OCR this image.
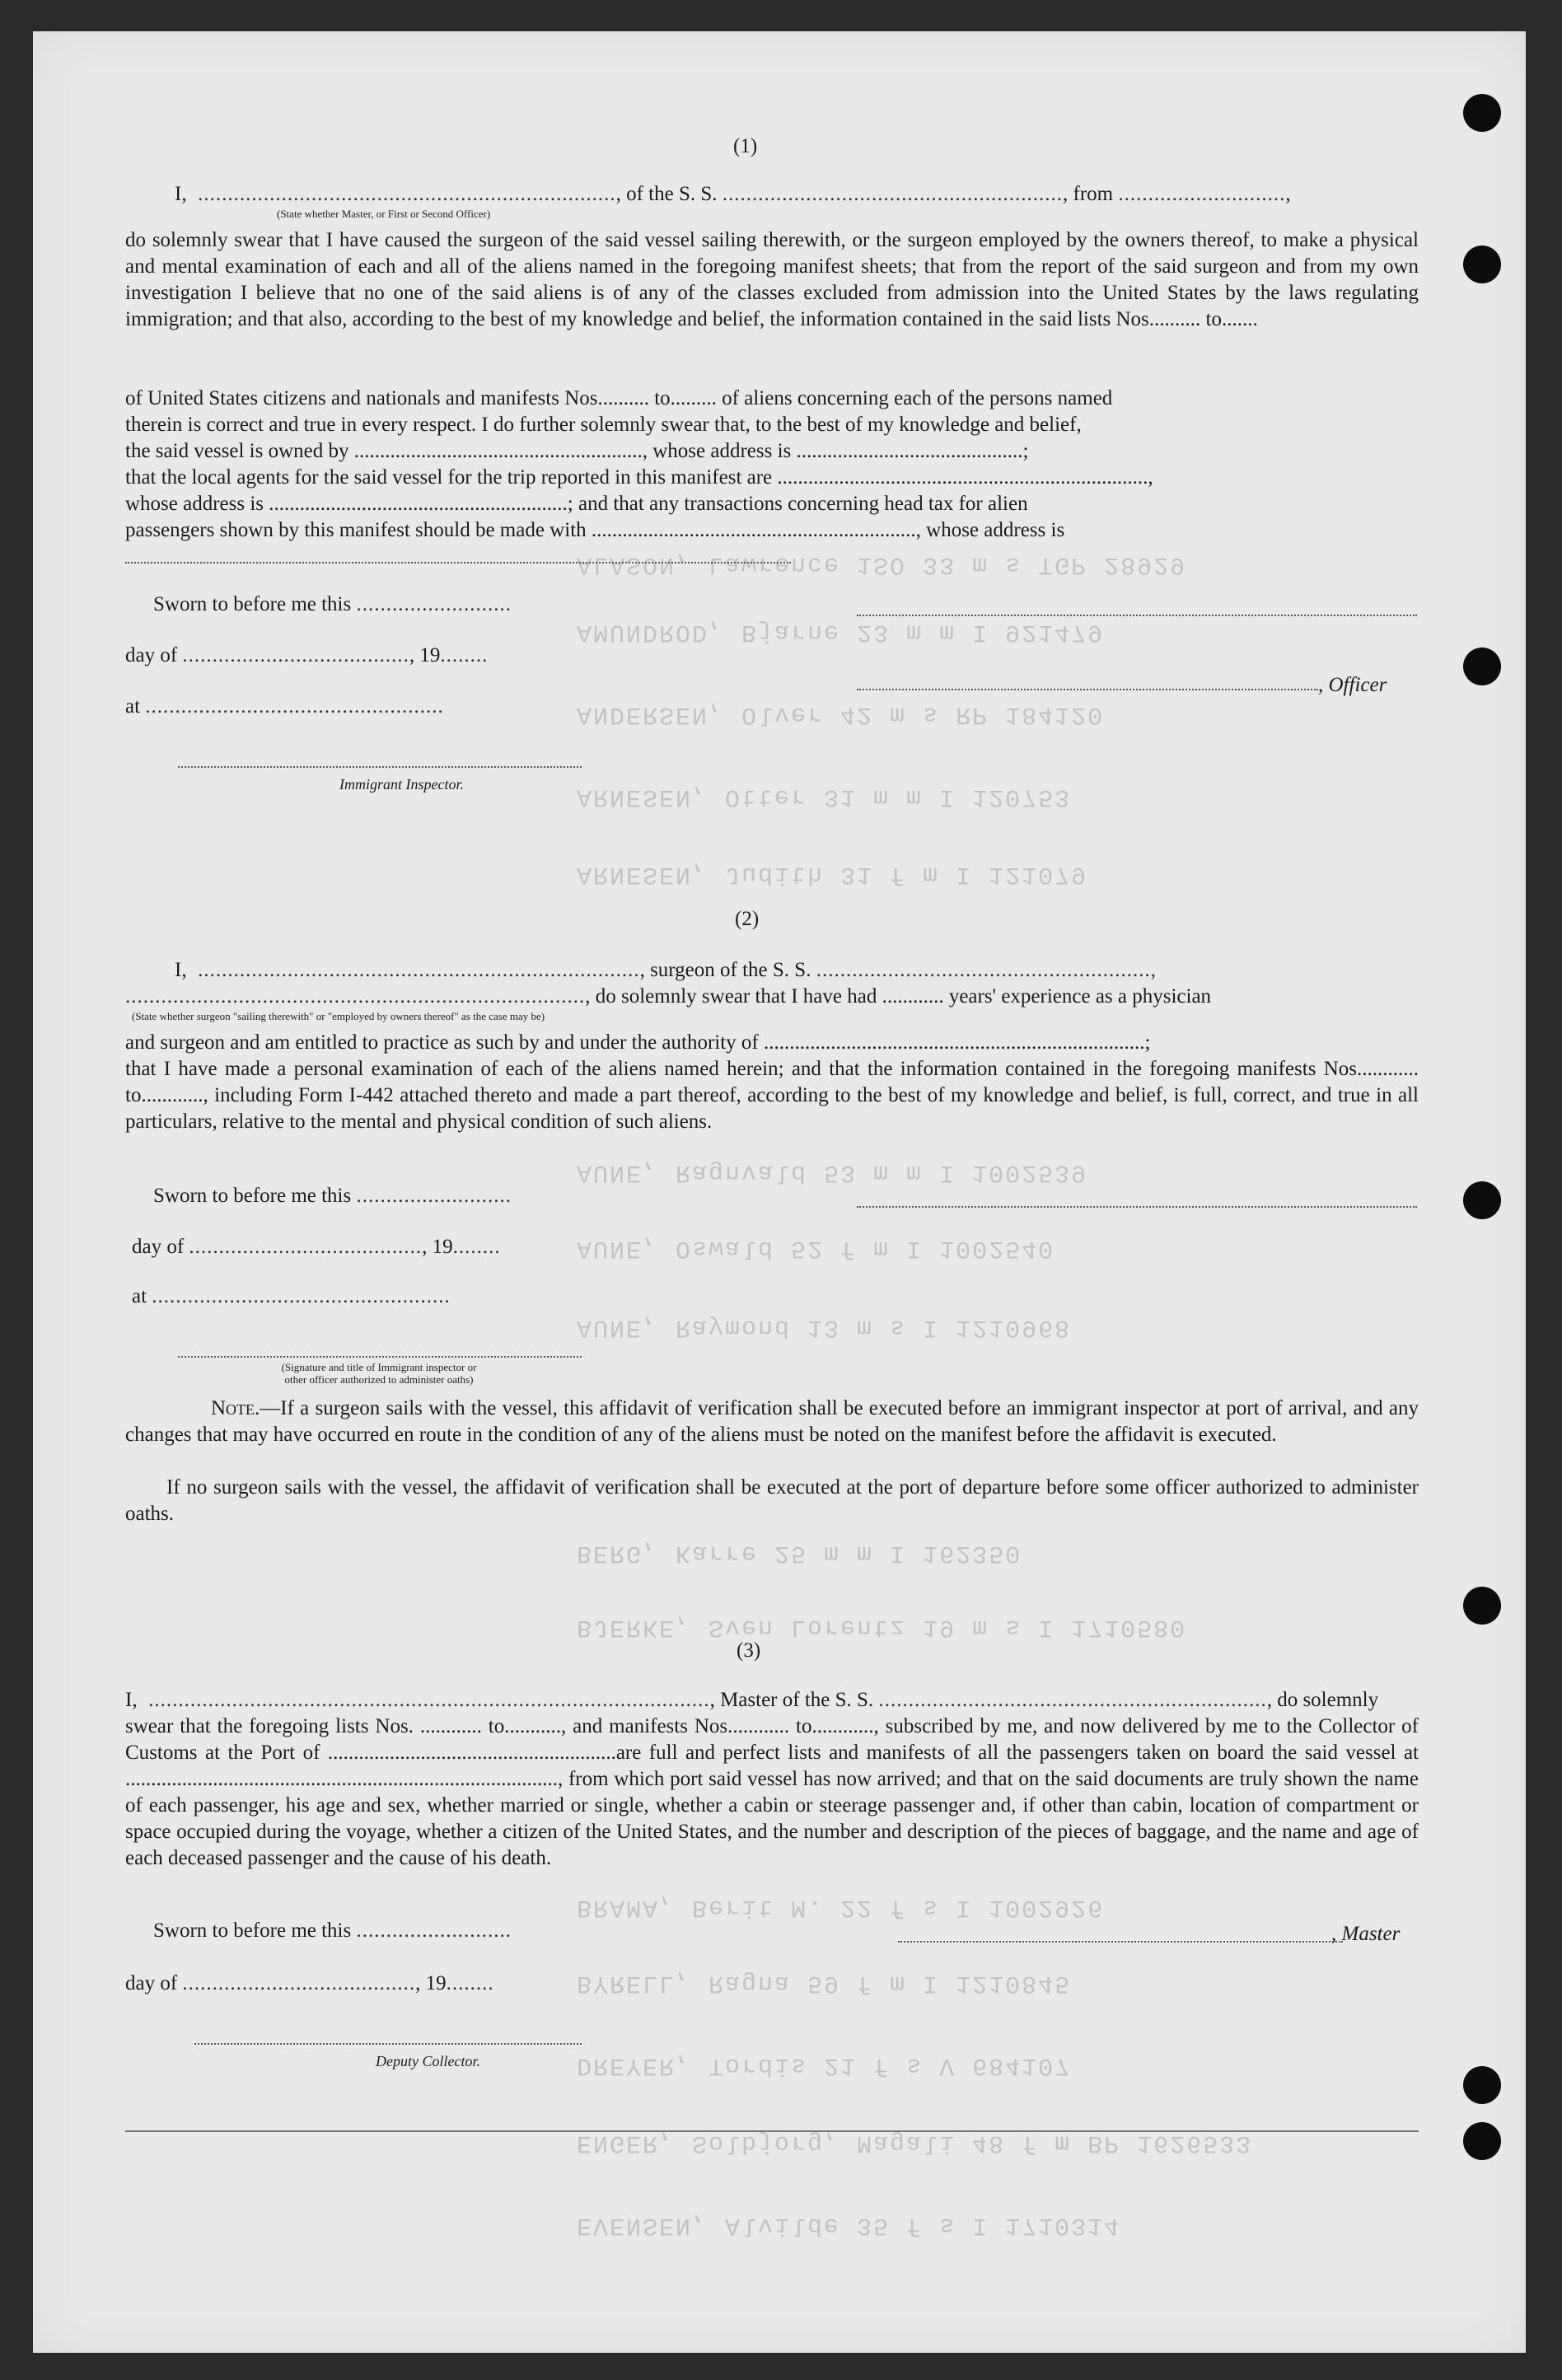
ALASON, Lawrence 1SO 33 m s TGP 28929
AMUNDROD, Bjarne 23 m m I 921479
ANDERSEN, Olver 42 m s RP 184120
ARNESEN, Otter 31 m m I 120753
ARNESEN, Judith 31 f m I 121079
AUNE, Ragnvald 53 m m I 1002539
AUNE, Oswald 52 f m I 1002540
AUNE, Raymond 13 m s I 1210968
BERG, Karre 25 m m I 162350
BJERKE, Sven Lorentz 19 m s I 1710580
BRAMA, Berit M. 22 f s I 1002926
BYRELL, Ragna 59 f m I 1210845
DREYER, Tordis 21 f s V 684107
ENGER, Solbjorg, Magali 48 f m BP 1626533
EVENSEN, Alvilde 35 f s I 1710314
(1)
I,  ......................................................................, of the S. S. ........................................................., from ............................,
(State whether Master, or First or Second Officer)
do solemnly swear that I have caused the surgeon of the said vessel sailing therewith, or the surgeon employed by the owners thereof, to make a physical and mental examination of each and all of the aliens named in the foregoing manifest sheets; that from the report of the said surgeon and from my own investigation I believe that no one of the said aliens is of any of the classes excluded from admission into the United States by the laws regulating immigration; and that also, according to the best of my knowledge and belief, the information contained in the said lists Nos.......... to.......
of United States citizens and nationals and manifests Nos.......... to......... of aliens concerning each of the persons named
therein is correct and true in every respect. I do further solemnly swear that, to the best of my knowledge and belief,
the said vessel is owned by ........................................................, whose address is ............................................;
that the local agents for the said vessel for the trip reported in this manifest are ........................................................................,
whose address is ..........................................................; and that any transactions concerning head tax for alien
passengers shown by this manifest should be made with ..............................................................., whose address is
Sworn to before me this ..........................
day of ......................................, 19........
, Officer
at ..................................................
Immigrant Inspector.
(2)
I,  .........................................................................., surgeon of the S. S. ........................................................,
............................................................................., do solemnly swear that I have had ............ years' experience as a physician
(State whether surgeon "sailing therewith" or "employed by owners thereof" as the case may be)
and surgeon and am entitled to practice as such by and under the authority of ..........................................................................;
that I have made a personal examination of each of the aliens named herein; and that the information contained in the foregoing manifests Nos............ to............, including Form I-442 attached thereto and made a part thereof, according to the best of my knowledge and belief, is full, correct, and true in all particulars, relative to the mental and physical condition of such aliens.
Sworn to before me this ..........................
day of ......................................., 19........
at ..................................................
(Signature and title of Immigrant inspector or
other officer authorized to administer oaths)
Note.—If a surgeon sails with the vessel, this affidavit of verification shall be executed before an immigrant inspector at port of arrival, and any changes that may have occurred en route in the condition of any of the aliens must be noted on the manifest before the affidavit is executed.
If no surgeon sails with the vessel, the affidavit of verification shall be executed at the port of departure before some officer authorized to administer oaths.
(3)
I,  .............................................................................................., Master of the S. S. ................................................................., do solemnly
swear that the foregoing lists Nos. ............ to..........., and manifests Nos............ to............, subscribed by me, and now delivered by me to the Collector of Customs at the Port of ........................................................are full and perfect lists and manifests of all the passengers taken on board the said vessel at ...................................................................................., from which port said vessel has now arrived; and that on the said documents are truly shown the name of each passenger, his age and sex, whether married or single, whether a cabin or steerage passenger and, if other than cabin, location of compartment or space occupied during the voyage, whether a citizen of the United States, and the number and description of the pieces of baggage, and the name and age of each deceased passenger and the cause of his death.
Sworn to before me this ..........................	, Master
day of ......................................., 19........
Deputy Collector.
